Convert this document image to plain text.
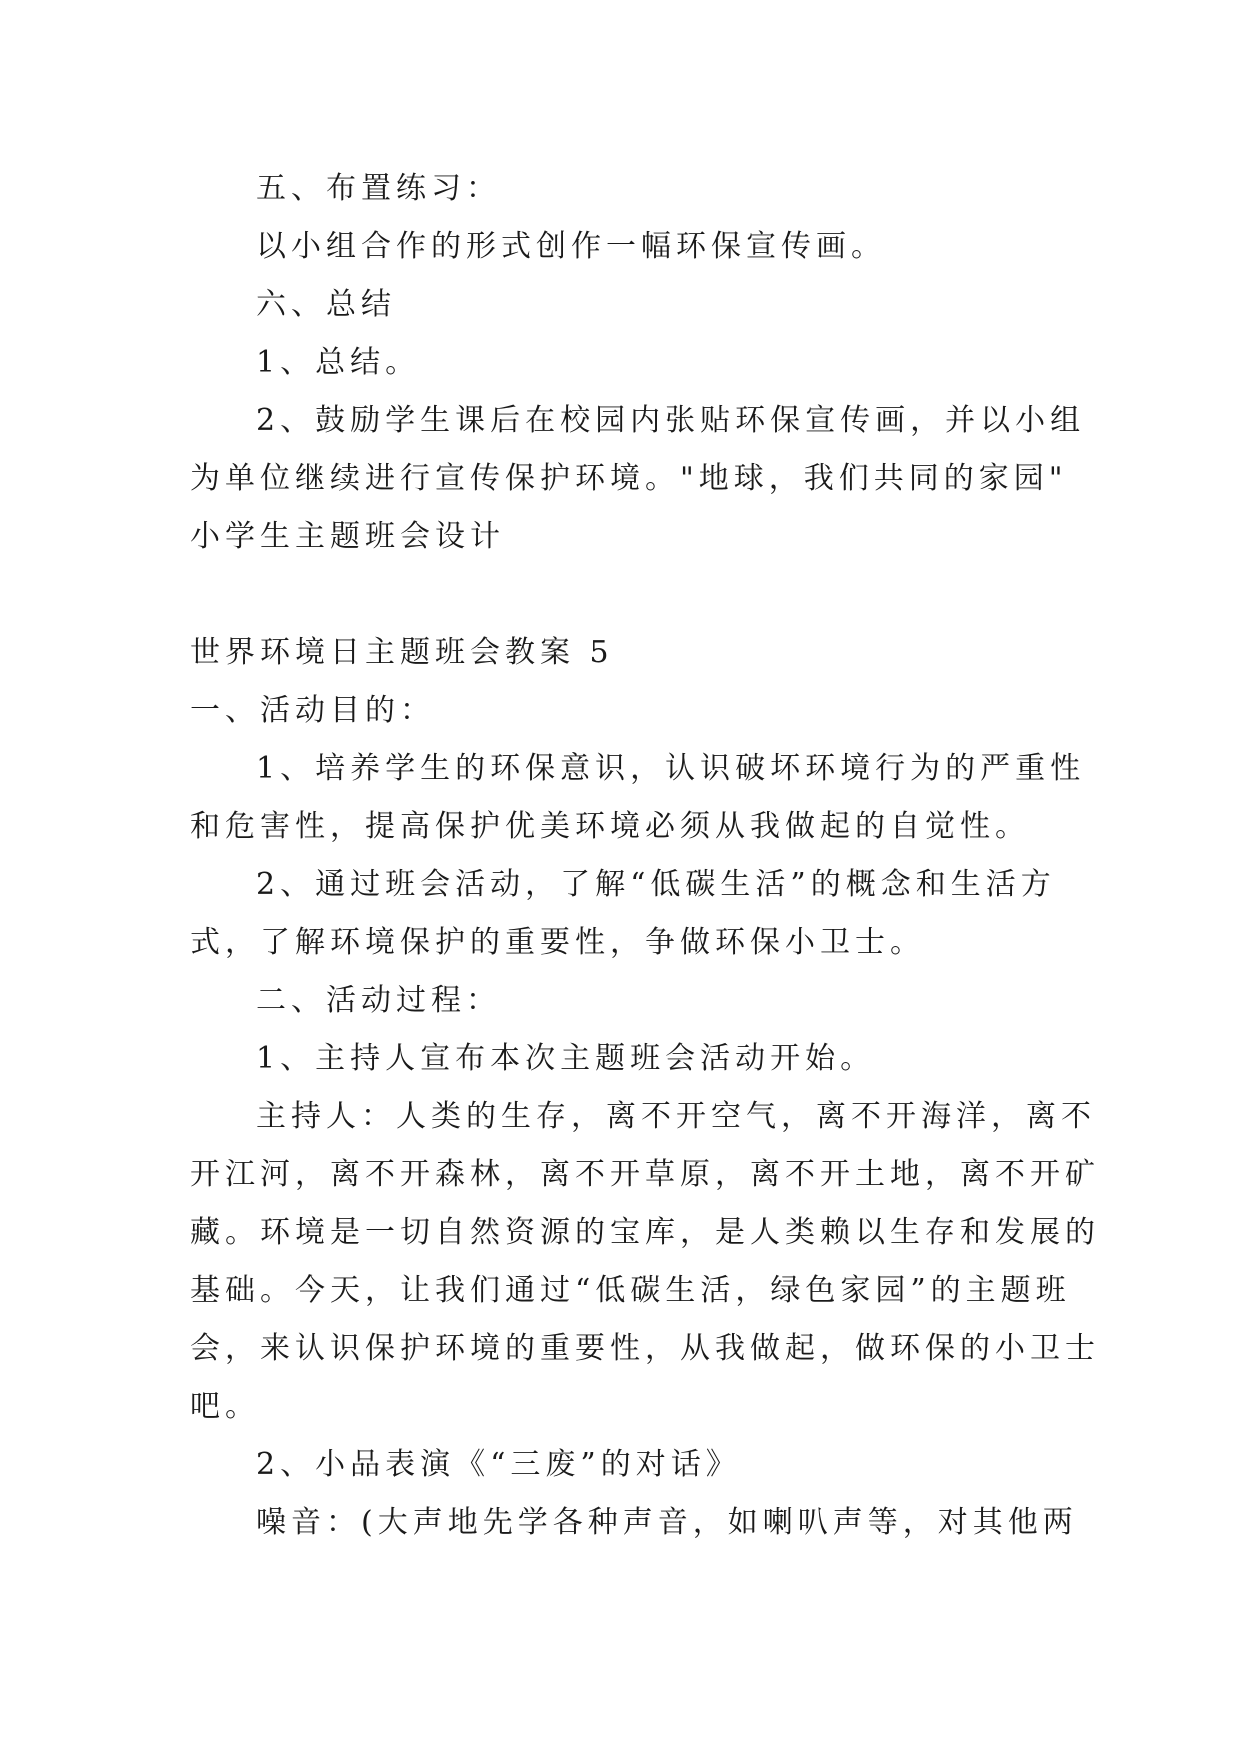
五、布置练习：

以小组合作的形式创作一幅环保宣传画。

六、总结

1、总结。

2、鼓励学生课后在校园内张贴环保宣传画，并以小组

为单位继续进行宣传保护环境。"地球，我们共同的家园"

小学生主题班会设计

世界环境日主题班会教案 5

一、活动目的：

1、培养学生的环保意识，认识破坏环境行为的严重性

和危害性，提高保护优美环境必须从我做起的自觉性。

2、通过班会活动，了解“低碳生活”的概念和生活方

式，了解环境保护的重要性，争做环保小卫士。

二、活动过程：

1、主持人宣布本次主题班会活动开始。

主持人：人类的生存，离不开空气，离不开海洋，离不

开江河，离不开森林，离不开草原，离不开土地，离不开矿

藏。环境是一切自然资源的宝库，是人类赖以生存和发展的

基础。今天，让我们通过“低碳生活，绿色家园”的主题班

会，来认识保护环境的重要性，从我做起，做环保的小卫士

吧。

2、小品表演《“三废”的对话》

噪音：(大声地先学各种声音，如喇叭声等，对其他两
